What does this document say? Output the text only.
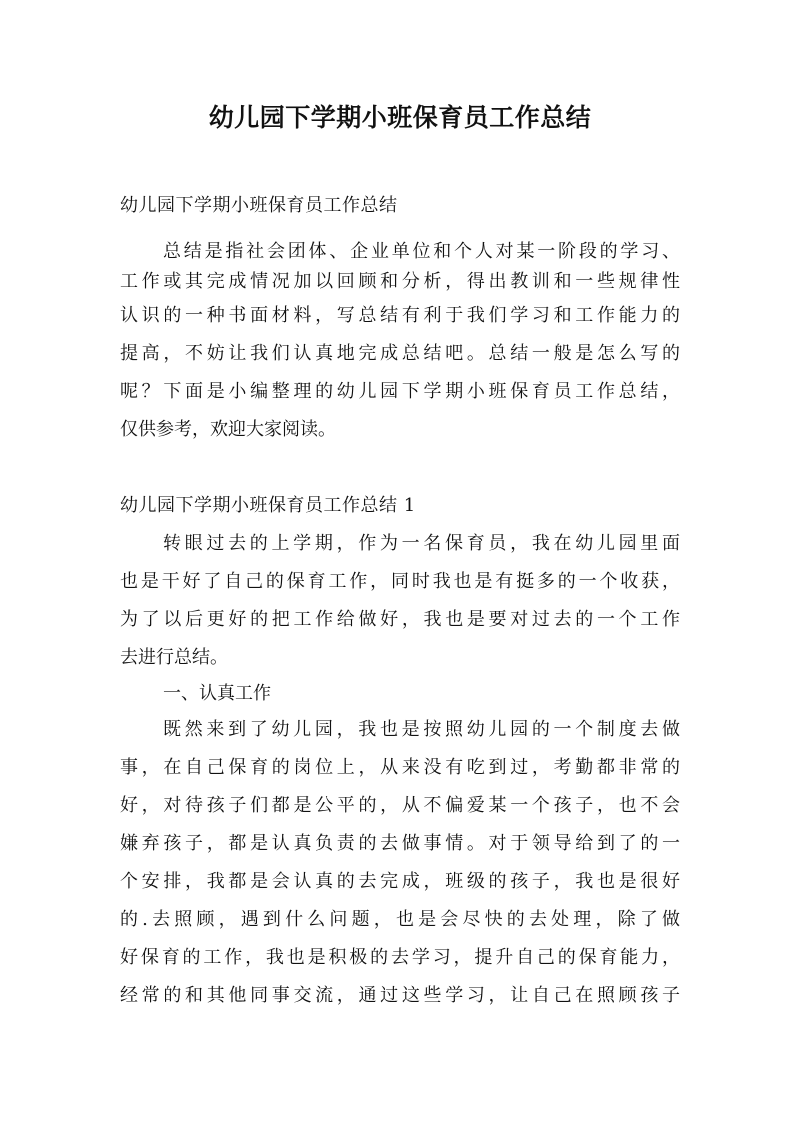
幼儿园下学期小班保育员工作总结

幼儿园下学期小班保育员工作总结

总结是指社会团体、企业单位和个人对某一阶段的学习、

工作或其完成情况加以回顾和分析，得出教训和一些规律性

认识的一种书面材料，写总结有利于我们学习和工作能力的

提高，不妨让我们认真地完成总结吧。总结一般是怎么写的

呢？下面是小编整理的幼儿园下学期小班保育员工作总结，

仅供参考，欢迎大家阅读。

幼儿园下学期小班保育员工作总结 1

转眼过去的上学期，作为一名保育员，我在幼儿园里面

也是干好了自己的保育工作，同时我也是有挺多的一个收获，

为了以后更好的把工作给做好，我也是要对过去的一个工作

去进行总结。

一、认真工作

既然来到了幼儿园，我也是按照幼儿园的一个制度去做

事，在自己保育的岗位上，从来没有吃到过，考勤都非常的

好，对待孩子们都是公平的，从不偏爱某一个孩子，也不会

嫌弃孩子，都是认真负责的去做事情。对于领导给到了的一

个安排，我都是会认真的去完成，班级的孩子，我也是很好

的.去照顾，遇到什么问题，也是会尽快的去处理，除了做

好保育的工作，我也是积极的去学习，提升自己的保育能力，

经常的和其他同事交流，通过这些学习，让自己在照顾孩子
